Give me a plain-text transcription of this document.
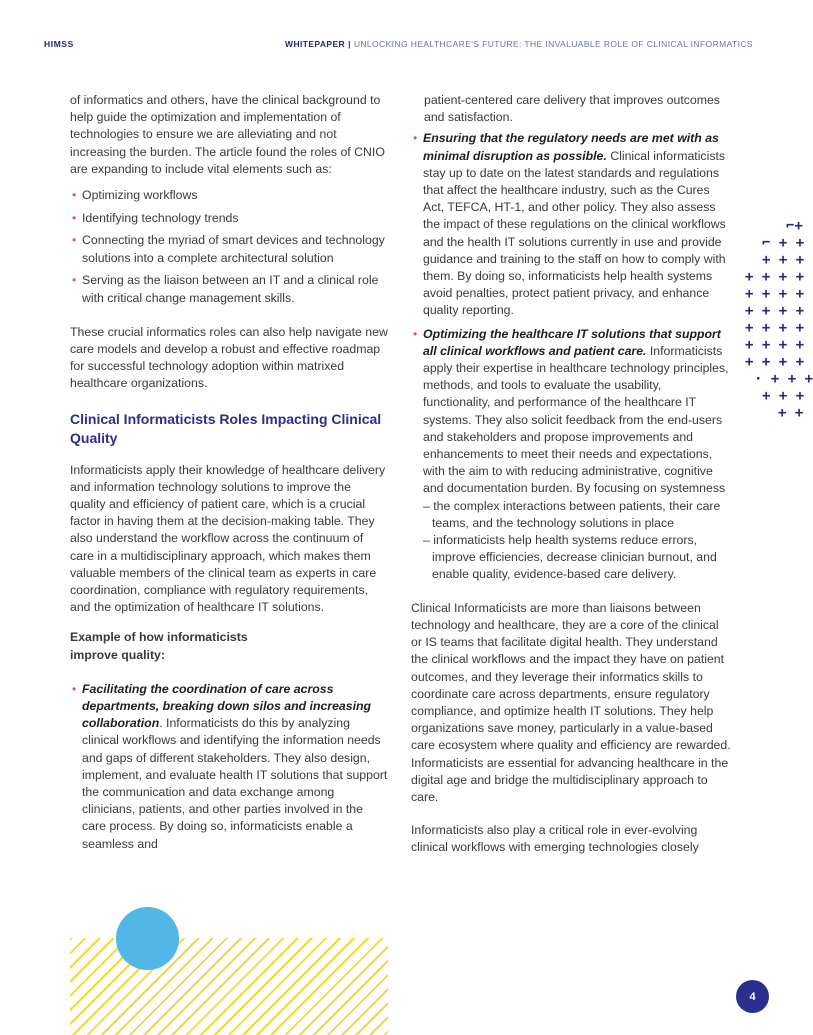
HIMSS	WHITEPAPER | UNLOCKING HEALTHCARE'S FUTURE: THE INVALUABLE ROLE OF CLINICAL INFORMATICS

of informatics and others, have the clinical background to help guide the optimization and implementation of technologies to ensure we are alleviating and not increasing the burden. The article found the roles of CNIO are expanding to include vital elements such as:

• Optimizing workflows
• Identifying technology trends
• Connecting the myriad of smart devices and technology solutions into a complete architectural solution
• Serving as the liaison between an IT and a clinical role with critical change management skills.

These crucial informatics roles can also help navigate new care models and develop a robust and effective roadmap for successful technology adoption within matrixed healthcare organizations.

Clinical Informaticists Roles Impacting Clinical Quality

Informaticists apply their knowledge of healthcare delivery and information technology solutions to improve the quality and efficiency of patient care, which is a crucial factor in having them at the decision-making table. They also understand the workflow across the continuum of care in a multidisciplinary approach, which makes them valuable members of the clinical team as experts in care coordination, compliance with regulatory requirements, and the optimization of healthcare IT solutions.

Example of how informaticists improve quality:

• Facilitating the coordination of care across departments, breaking down silos and increasing collaboration. Informaticists do this by analyzing clinical workflows and identifying the information needs and gaps of different stakeholders. They also design, implement, and evaluate health IT solutions that support the communication and data exchange among clinicians, patients, and other parties involved in the care process. By doing so, informaticists enable a seamless and

patient-centered care delivery that improves outcomes and satisfaction.

• Ensuring that the regulatory needs are met with as minimal disruption as possible. Clinical informaticists stay up to date on the latest standards and regulations that affect the healthcare industry, such as the Cures Act, TEFCA, HT-1, and other policy. They also assess the impact of these regulations on the clinical workflows and the health IT solutions currently in use and provide guidance and training to the staff on how to comply with them. By doing so, informaticists help health systems avoid penalties, protect patient privacy, and enhance quality reporting.
• Optimizing the healthcare IT solutions that support all clinical workflows and patient care. Informaticists apply their expertise in healthcare technology principles, methods, and tools to evaluate the usability, functionality, and performance of the healthcare IT systems. They also solicit feedback from the end-users and stakeholders and propose improvements and enhancements to meet their needs and expectations, with the aim to with reducing administrative, cognitive and documentation burden. By focusing on systemness
– the complex interactions between patients, their care teams, and the technology solutions in place
– informaticists help health systems reduce errors, improve efficiencies, decrease clinician burnout, and enable quality, evidence-based care delivery.

Clinical Informaticists are more than liaisons between technology and healthcare, they are a core of the clinical or IS teams that facilitate digital health. They understand the clinical workflows and the impact they have on patient outcomes, and they leverage their informatics skills to coordinate care across departments, ensure regulatory compliance, and optimize health IT solutions. They help organizations save money, particularly in a value-based care ecosystem where quality and efficiency are rewarded. Informaticists are essential for advancing healthcare in the digital age and bridge the multidisciplinary approach to care.

Informaticists also play a critical role in ever-evolving clinical workflows with emerging technologies closely

⌐+
⌐ + +
+ + +
+ + + +
+ + + +
+ + + +
+ + + +
+ + + +
+ + + +
· + + +
+ + +
+ +
4
